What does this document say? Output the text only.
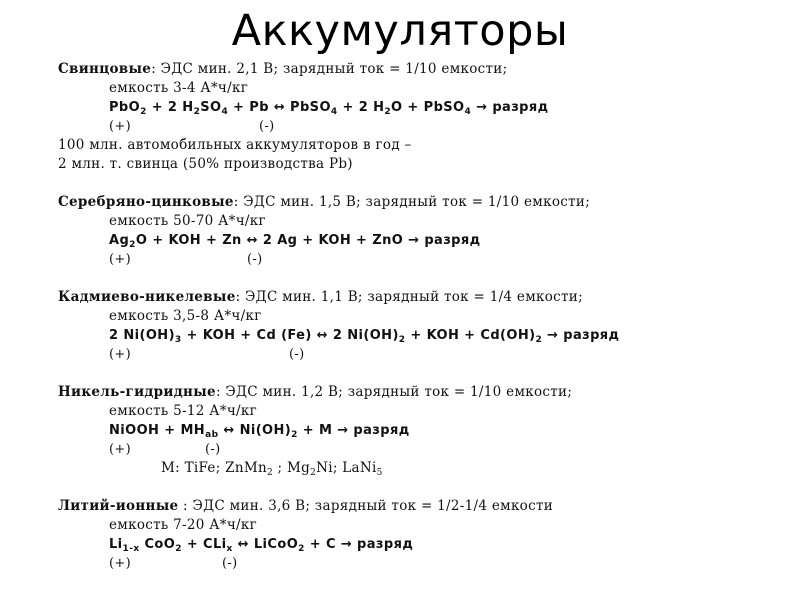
Аккумуляторы

Свинцовые: ЭДС мин. 2,1 В; зарядный ток = 1/10 емкости;

емкость 3-4 А*ч/кг

PbO$_2$ + 2 $H_2SO_4 + Pb$ ↔ PbSO$_4$ + 2 $H_2O$ + PbSO$_4$ → разряд

(+)	(-)

100 млн. автомобильных аккумуляторов в год –

2 млн. т. свинца (50% производства Pb)

Серебряно-цинковые: ЭДС мин. 1,5 В; зарядный ток = 1/10 емкости;

емкость 50-70 А*ч/кг

$Ag_2O$ + KOH + Zn ↔ 2 Ag + KOH + ZnO → разряд

(+)	(-)

Кадмиево-никелевые: ЭДС мин. 1,1 В; зарядный ток = 1/4 емкости;

емкость 3,5-8 А*ч/кг

2 $Ni(OH)_3$ + KOH + Cd (Fe) ↔ 2 $Ni(OH)_2$ + KOH + $Cd(OH)_2$ → разряд

(+)	(-)

Никель-гидридные: ЭДС мин. 1,2 В; зарядный ток = 1/10 емкости;

емкость 5-12 А*ч/кг

NiOOH + $MH_{ab}$ ↔ $Ni(OH)_2 + M$ → разряд

(+)	(-)

M: TiFe; ZnMn$_2$ ; $Mg_2Ni$; LaNi$_5$

Литий-ионные : ЭДС мин. 3,6 В; зарядный ток = 1/2-1/4 емкости

емкость 7-20 А*ч/кг

$Li_{1-x}$ CoO$_2$ + CLi$_x$ ↔ LiCoO$_2$ + C → разряд

(+)	(-)
